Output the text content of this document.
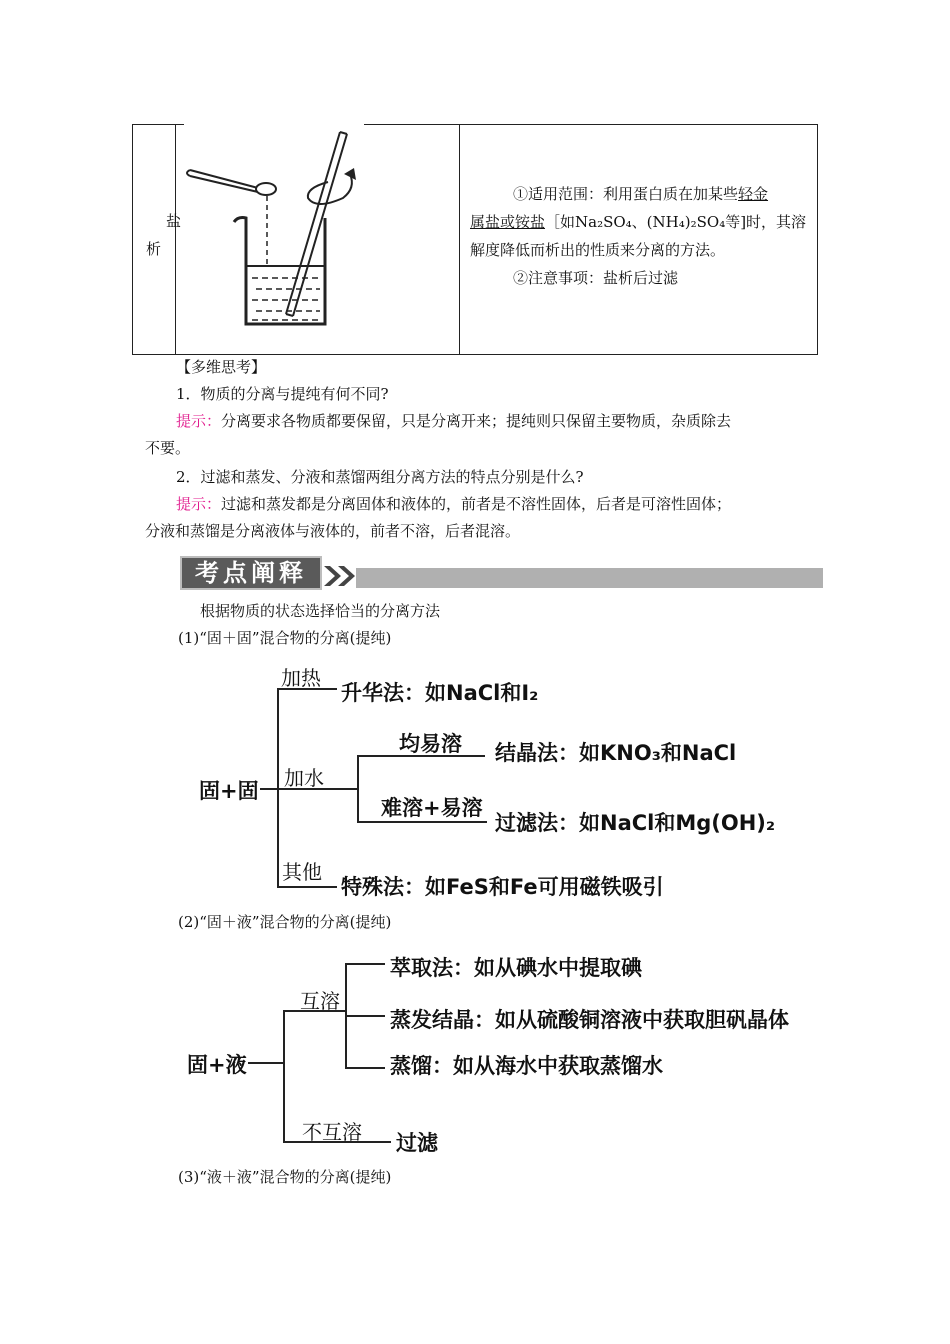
盐
析
①适用范围：利用蛋白质在加某些轻金
属盐或铵盐［如Na₂SO₄、(NH₄)₂SO₄等]时，其溶
解度降低而析出的性质来分离的方法。
②注意事项：盐析后过滤
【多维思考】
1．物质的分离与提纯有何不同?
提示：分离要求各物质都要保留，只是分离开来；提纯则只保留主要物质，杂质除去
不要。
2．过滤和蒸发、分液和蒸馏两组分离方法的特点分别是什么?
提示：过滤和蒸发都是分离固体和液体的，前者是不溶性固体，后者是可溶性固体；
分液和蒸馏是分离液体与液体的，前者不溶，后者混溶。
考点阐释
根据物质的状态选择恰当的分离方法
(1)“固＋固”混合物的分离(提纯)
固+固
加热
升华法：如NaCl和I₂
加水
均易溶 结晶法：如KNO₃和NaCl
难溶+易溶
过滤法：如NaCl和Mg(OH)₂
其他
特殊法：如FeS和Fe可用磁铁吸引
(2)“固＋液”混合物的分离(提纯)
固+液
互溶
萃取法：如从碘水中提取碘
蒸发结晶：如从硫酸铜溶液中获取胆矾晶体
蒸馏：如从海水中获取蒸馏水
不互溶 过滤
(3)“液＋液”混合物的分离(提纯)
